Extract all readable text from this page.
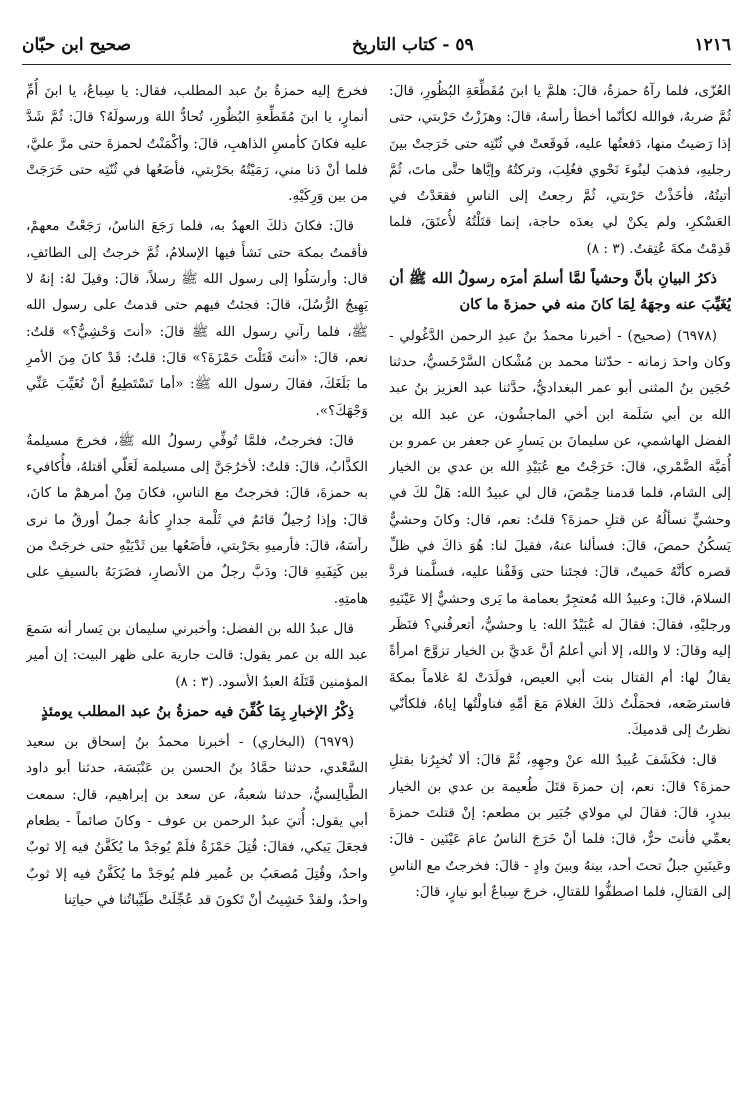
١٢١٦
٥٩ - كتاب التاريخ
صحيح ابن حبّان

العُزّى، فلما رآهُ حمزةُ، قالَ: هلمَّ يا ابنَ مُقَطِّعَةِ البُظُورِ، قالَ: ثُمَّ ضربهُ، فوالله لكأنّما أخطأ رأسهُ، قالَ: وهزَزْتُ حَرْبتي، حتى إذا رَضيتُ منها، دَفعتُها عليه، فَوقَعتْ في ثُنّتِه حتى خَرَجتْ بينَ رجليهِ، فذهبَ لينُوءَ نَحْوي فغُلِبَ، وتركتُهُ وإيَّاها حتَّى ماتَ، ثُمَّ أتيتُهُ، فأخَذْتُ حَرْبتي، ثُمَّ رجعتُ إلى الناسِ فقعَدْتُ في العَسْكرِ، ولم يكنْ لي بعدَه حاجة، إنما قتَلْتُهُ لأُعتَقَ، فلما قَدِمْتُ مكةَ عُتِقتُ. (٣ : ٨)

ذكرُ البيانِ بأنَّ وحشياً لمَّا أسلمَ أمرَه رسولُ الله ﷺ أن يُغَيِّبَ عنه وجهَهُ لِمَا كانَ منه في حمزةَ ما كان

(٦٩٧٨) (صحيح) - أخبرنا محمدُ بنُ عبدِ الرحمن الدَّغُولي - وكان واحدَ زمانه - حدّثنا محمد بن مُشْكان السَّرْخَسيُّ، حدثنا حُجَين بنُ المثنى أبو عمر البغداديُّ، حدَّثنا عبد العزيز بنُ عبد الله بن أبي سَلَمة ابن أخي الماجشُون، عن عبد الله بن الفضل الهاشمي، عن سليمانَ بن يَسارٍ عن جعفر بن عمرو بن أُمَيَّة الضَّمْري، قالَ: خَرَجْتُ مع عُبَيْدِ الله بن عدي بن الخيار إلى الشام، فلما قدمنا حِمْصَ، قال لي عبيدُ الله: هَلْ لكَ في وحشيٍّ نسألُهُ عن قتلِ حمزةَ؟ قلتُ: نعم، قال: وكانَ وحشيٌّ يَسكُنُ حمصَ، قالَ: فسألنا عنهُ، فقيلَ لنا: هُوَ ذاكَ في ظلِّ قصره كأنَّهُ حَميتٌ، قالَ: فجئنا حتى وَقَفْنا عليه، فسلَّمنا فردَّ السلامَ، قالَ: وعبيدُ الله مُعتجِرٌ بعمامة ما يَرى وحشيٌّ إلا عَيْنَيهِ ورجليْهِ، فقالَ: فقالَ له عُبَيْدُ الله: يا وحشيُّ، أتعرفُني؟ فنَظَر إليه وقالَ: لا والله، إلا أني أعلمُ أنَّ عَديَّ بن الخيار تزوَّجَ امرأةً يقالُ لها: أم القتال بنت أبي العيص، فولَدَتْ لهُ غلاماً بمكةَ فاسترضَعه، فحمَلْتُ ذلكَ الغلامَ مَعَ أمِّهِ فناولْتُها إياهُ، فلكأنّي نظرتُ إلى قدميكَ.

قال: فكَشَفَ عُبيدُ الله عنْ وجهِهِ، ثُمَّ قالَ: ألا تُخبِرُنا بقتلِ حمزةَ؟ قالَ: نعم، إن حمزةَ قتَلَ طُعيمة بن عدي بن الخيار ببدرٍ، قالَ: فقالَ لي مولاي جُبَير بن مطعم: إنْ قتلتَ حمزةَ بعمِّي فأنتَ حرٌّ، قالَ: فلما أنْ خَرَجَ الناسُ عامَ عَيْنَين - قالَ: وعَينَينِ جبلٌ تحتَ أحد، بينهُ وبينَ وادٍ - قالَ: فخرجتُ مع الناسِ إلى القتالِ، فلما اصطفُّوا للقتالِ، خرجَ سِباعٌ أبو نيارٍ، قالَ:

فخرجَ إليه حمزةُ بنُ عبد المطلب، فقال: يا سِباعُ، يا ابنَ أُمِّ أنمارٍ، يا ابنَ مُقَطِّعةِ البُظُورِ، تُحادُّ اللهَ ورسولَهُ؟ قالَ: ثُمَّ شَدَّ عليه فكانَ كأمسِ الذاهبِ، قالَ: وأكْمَنْتُ لحمزةَ حتى مرَّ عليَّ، فلما أنْ دَنا مني، رَمَيْتُهُ بحَرْبتي، فأضَعُها في ثُنّتِه حتى خَرَجَتْ من بين وَرِكَيْهِ.

قالَ: فكانَ ذلكَ العهدُ به، فلما رَجَعَ الناسُ، رَجَعْتُ معهمْ، فأقمتُ بمكة حتى نَشأَ فيها الإسلامُ، ثُمَّ خرجتُ إلى الطائفِ، قال: وأرسَلُوا إلى رسول الله ﷺ رسلاً، قالَ: وقيلَ لهُ: إنهُ لا يَهِيجُ الرُّسُلَ، قالَ: فجئتُ فيهم حتى قدمتُ على رسول الله ﷺ، فلما رآني رسول الله ﷺ قالَ: «أنتَ وَحْشِيٌّ؟» قلتُ: نعم، قالَ: «أنتَ قَتَلْتَ حَمْزَةَ؟» قالَ: قلتُ: قَدْ كانَ مِنَ الأمرِ ما بَلَغَكَ، فقالَ رسول الله ﷺ: «أما تَسْتَطِيعُ أنْ تُغَيِّبَ عَنِّي وَجْهَكَ؟».

قالَ: فخرجتُ، فلمَّا تُوفِّي رسولُ الله ﷺ، فخرجَ مسيلمةُ الكذَّابُ، قالَ: قلتُ: لأخرُجَنَّ إلى مسيلمة لَعَلّي أقتلهُ، فأُكافيء به حمزةَ، قالَ: فخرجتُ مع الناسِ، فكانَ مِنْ أمرهمْ ما كانَ، قالَ: وإذا رُجيلٌ قائمٌ في ثَلْمة جدارٍ كأنهُ جملٌ أورقُ ما نرى رأسَهُ، قالَ: فأرميهِ بحَرْبتي، فأضَعُها بين ثَدْيَيْهِ حتى خرجَتْ من بين كَتِفَيهِ قالَ: ودَبَّ رجلٌ من الأنصارِ، فضَرَبَهُ بالسيفِ على هامتِهِ.

قال عبدُ الله بن الفضل: وأخبرني سليمان بن يَسار أنه سَمعَ عبد الله بن عمر يقول: قالت جارية على ظهر البيت: إن أمير المؤمنين قَتَلَهُ العبدُ الأسود. (٣ : ٨)

ذِكْرُ الإخبارِ بِمَا كُفِّنَ فيه حمزةُ بنُ عبد المطلب يومئذٍ

(٦٩٧٩) (البخاري) - أخبرنا محمدُ بنُ إسحاق بن سعيد السَّعْدي، حدثنا حمَّادُ بنُ الحسن بن عَنْبَسَة، حدثنا أبو داود الطَّيالِسيُّ، حدثنا شعبةُ، عن سعد بن إبراهيم، قال: سمعت أبي يقول: أُتيَ عبدُ الرحمن بن عوف - وكانَ صائماً - بطعام فجعَلَ يَبكي، فقالَ: قُتِلَ حَمْزَةُ فلَمْ يُوجَدْ ما يُكَفَّنُ فيه إلا ثوبٌ واحدٌ، وقُتِلَ مُصعَبُ بن عُمير فلم يُوجَدْ ما يُكَفَّنُ فيه إلا ثوبٌ واحدٌ، ولقدْ خَشِيتُ أنْ تَكونَ قد عُجِّلَتْ طَيِّباتُنا في حياتِنا
